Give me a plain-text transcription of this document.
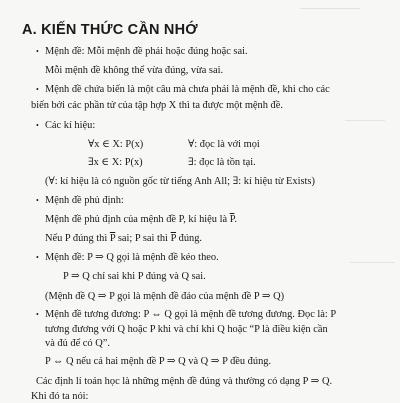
A. KIẾN THỨC CẦN NHỚ
• Mệnh đề: Mỗi mệnh đề phải hoặc đúng hoặc sai.
Mỗi mệnh đề không thể vừa đúng, vừa sai.
• Mệnh đề chứa biến là một câu mà chưa phải là mệnh đề, khi cho các
biến bởi các phần tử của tập hợp X thì ta được một mệnh đề.
• Các kí hiệu:
∀x ∈ X: P(x)	∀: đọc là với mọi
∃x ∈ X: P(x)	∃: đọc là tồn tại.
(∀: kí hiệu là có nguồn gốc từ tiếng Anh All; ∃: kí hiệu từ Exists)
• Mệnh đề phủ định:
Mệnh đề phủ định của mệnh đề P, kí hiệu là $\overline{P}$.
Nếu P đúng thì $\overline{P}$ sai; P sai thì $\overline{P}$ đúng.
• Mệnh đề: P ⇒ Q gọi là mệnh đề kéo theo.
P ⇒ Q chỉ sai khi P đúng và Q sai.
(Mệnh đề Q ⇒ P gọi là mệnh đề đảo của mệnh đề P ⇒ Q)
• Mệnh đề tương đương: P ⇔ Q gọi là mệnh đề tương đương. Đọc là: P
tương đương với Q hoặc P khi và chỉ khi Q hoặc “P là điều kiện cần
và đủ để có Q”.
P ⇔ Q nếu cả hai mệnh đề P ⇒ Q và Q ⇒ P đều đúng.
Các định lí toán học là những mệnh đề đúng và thường có dạng P ⇒ Q.
Khi đó ta nói:
